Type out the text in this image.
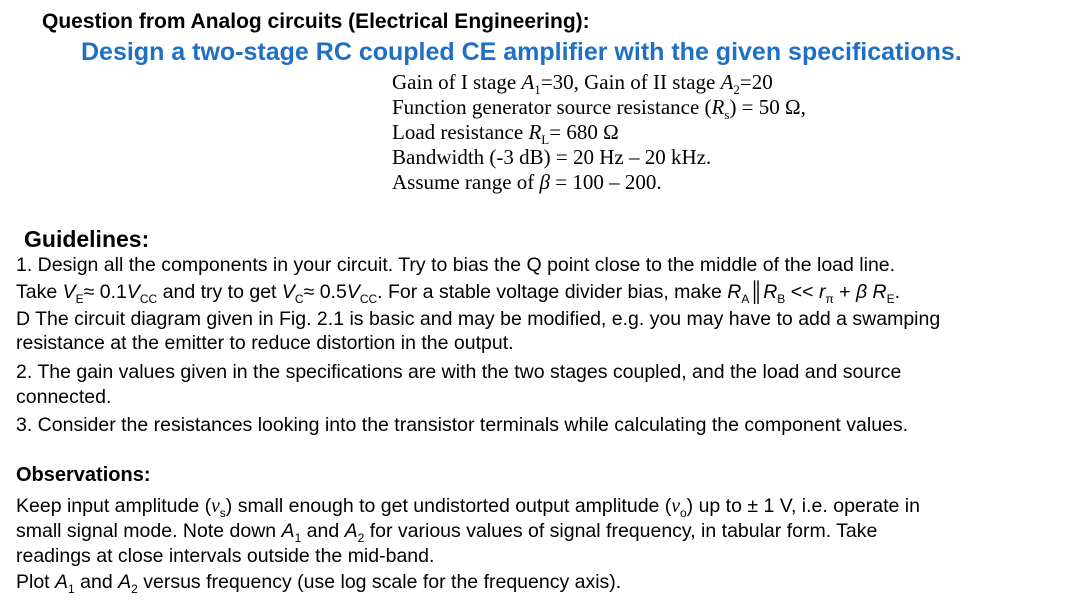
Question from Analog circuits (Electrical Engineering):
Design a two-stage RC coupled CE amplifier with the given specifications.
Gain of I stage $A_1=30$, Gain of II stage $A_2=20$
Function generator source resistance $(R_s) = 50$ Ω,
Load resistance $R_L= 680$ Ω
Bandwidth (-3 dB) = 20 Hz – 20 kHz.
Assume range of β = 100 – 200.
Guidelines:
1. Design all the components in your circuit. Try to bias the Q point close to the middle of the load line.
Take $V_E\approx 0.1V_{CC}$ and try to get $V_C\approx 0.5V_{CC}$. For a stable voltage divider bias, make $R_A║R_B << r_\pi + \beta$ $R_E$.
D The circuit diagram given in Fig. 2.1 is basic and may be modified, e.g. you may have to add a swamping
resistance at the emitter to reduce distortion in the output.
2. The gain values given in the specifications are with the two stages coupled, and the load and source
connected.
3. Consider the resistances looking into the transistor terminals while calculating the component values.
Observations:
Keep input amplitude $(v_s)$ small enough to get undistorted output amplitude $(v_o)$ up to ± 1 V, i.e. operate in
small signal mode. Note down $A_1$ and $A_2$ for various values of signal frequency, in tabular form. Take
readings at close intervals outside the mid-band.
Plot $A_1$ and $A_2$ versus frequency (use log scale for the frequency axis).
